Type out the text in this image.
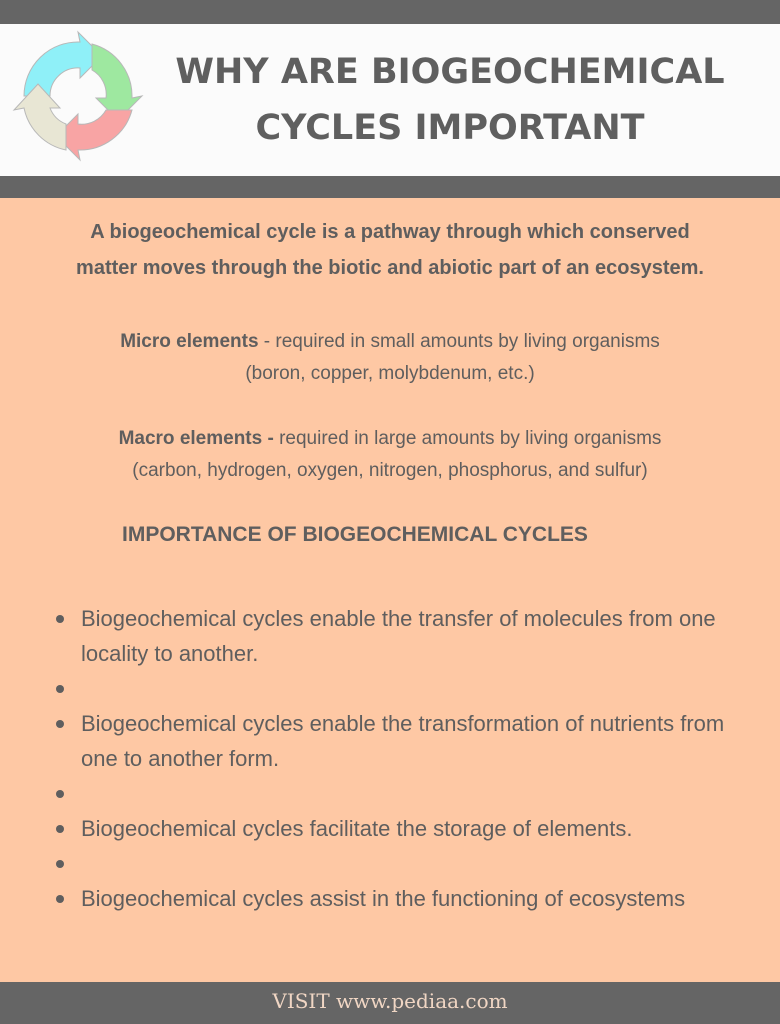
WHY ARE BIOGEOCHEMICAL
CYCLES IMPORTANT
A biogeochemical cycle is a pathway through which conserved
matter moves through the biotic and abiotic part of an ecosystem.
Micro elements - required in small amounts by living organisms
(boron, copper, molybdenum, etc.)
Macro elements - required in large amounts by living organisms
(carbon, hydrogen, oxygen, nitrogen, phosphorus, and sulfur)
IMPORTANCE OF BIOGEOCHEMICAL CYCLES
Biogeochemical cycles enable the transfer of molecules from one locality to another.
Biogeochemical cycles enable the transformation of nutrients from one to another form.
Biogeochemical cycles facilitate the storage of elements.
Biogeochemical cycles assist in the functioning of ecosystems
VISIT www.pediaa.com
